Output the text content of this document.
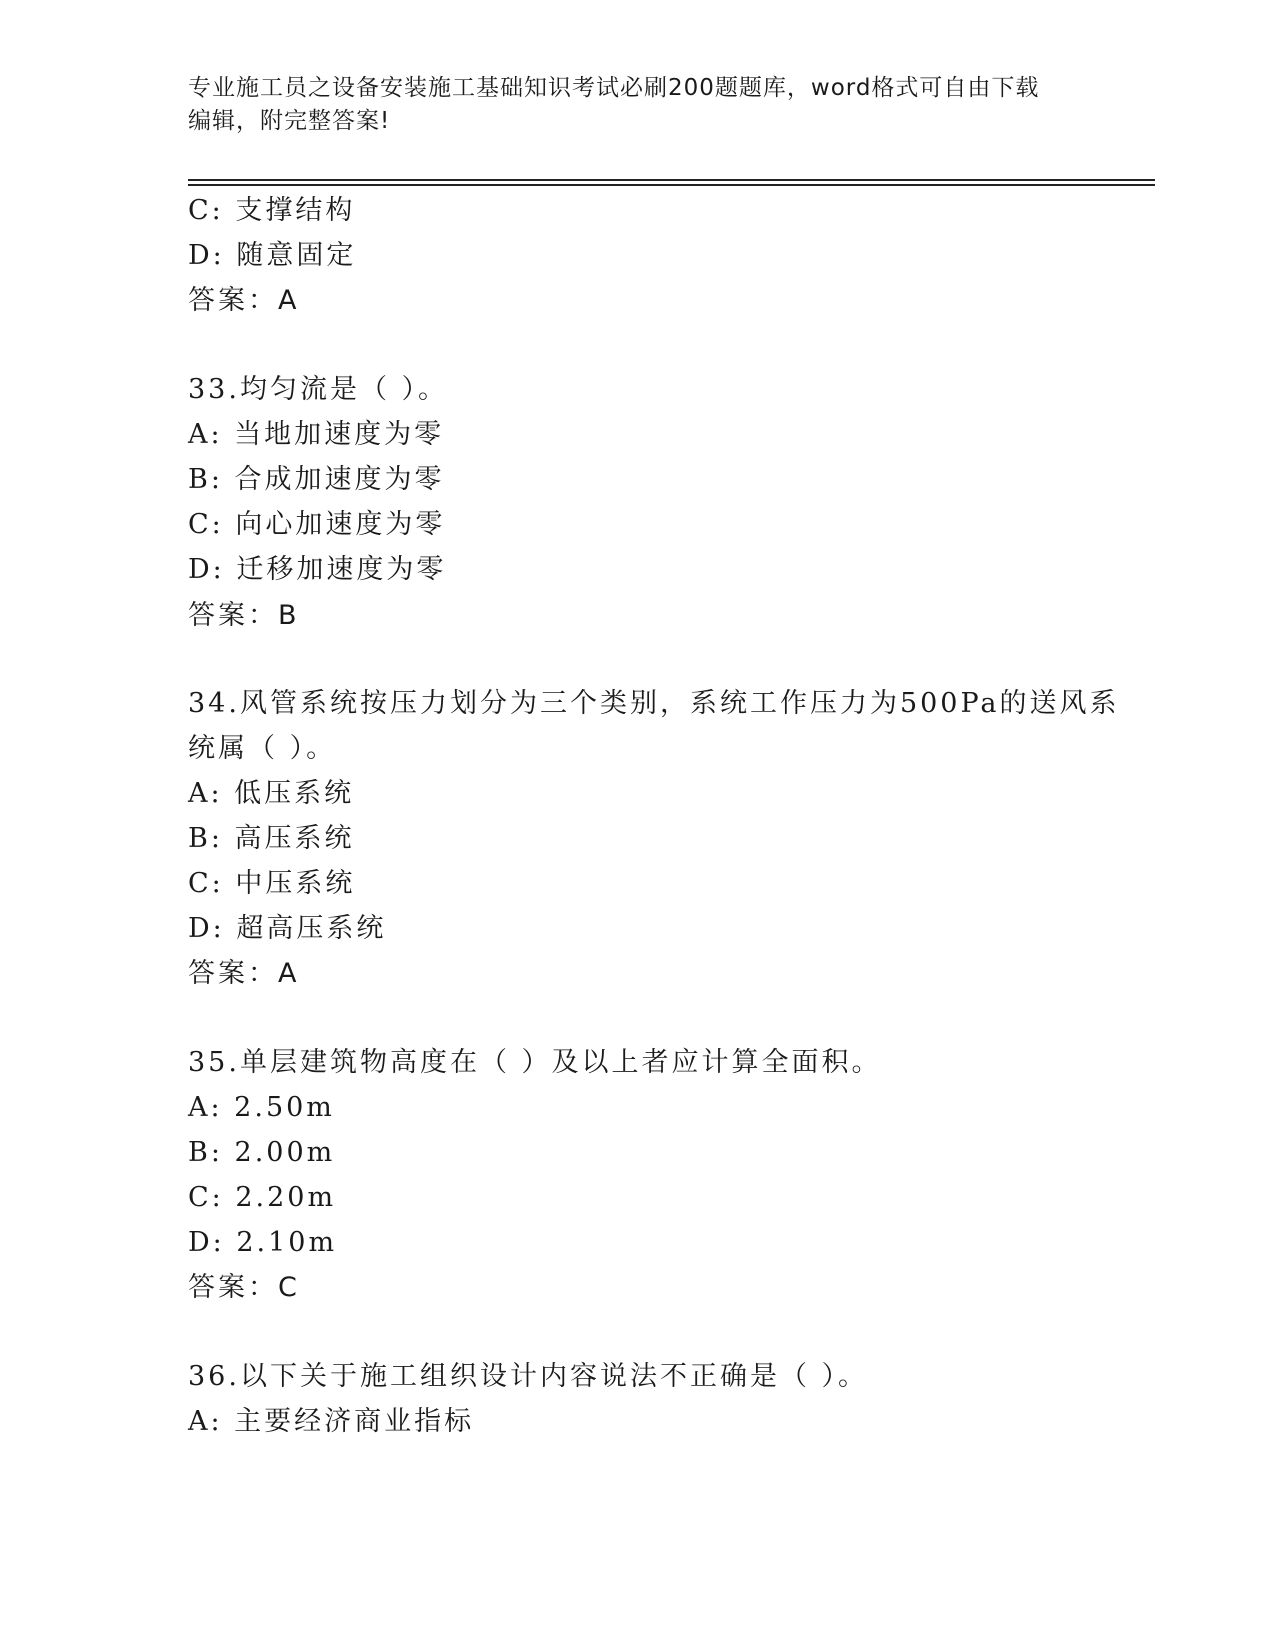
专业施工员之设备安装施工基础知识考试必刷200题题库，word格式可自由下载
编辑，附完整答案!
C: 支撑结构
D: 随意固定
答案：A
33.均匀流是（ ）。
A: 当地加速度为零
B: 合成加速度为零
C: 向心加速度为零
D: 迁移加速度为零
答案：B
34.风管系统按压力划分为三个类别，系统工作压力为500Pa的送风系
统属（ ）。
A: 低压系统
B: 高压系统
C: 中压系统
D: 超高压系统
答案：A
35.单层建筑物高度在（ ）及以上者应计算全面积。
A: 2.50m
B: 2.00m
C: 2.20m
D: 2.10m
答案：C
36.以下关于施工组织设计内容说法不正确是（ ）。
A: 主要经济商业指标
